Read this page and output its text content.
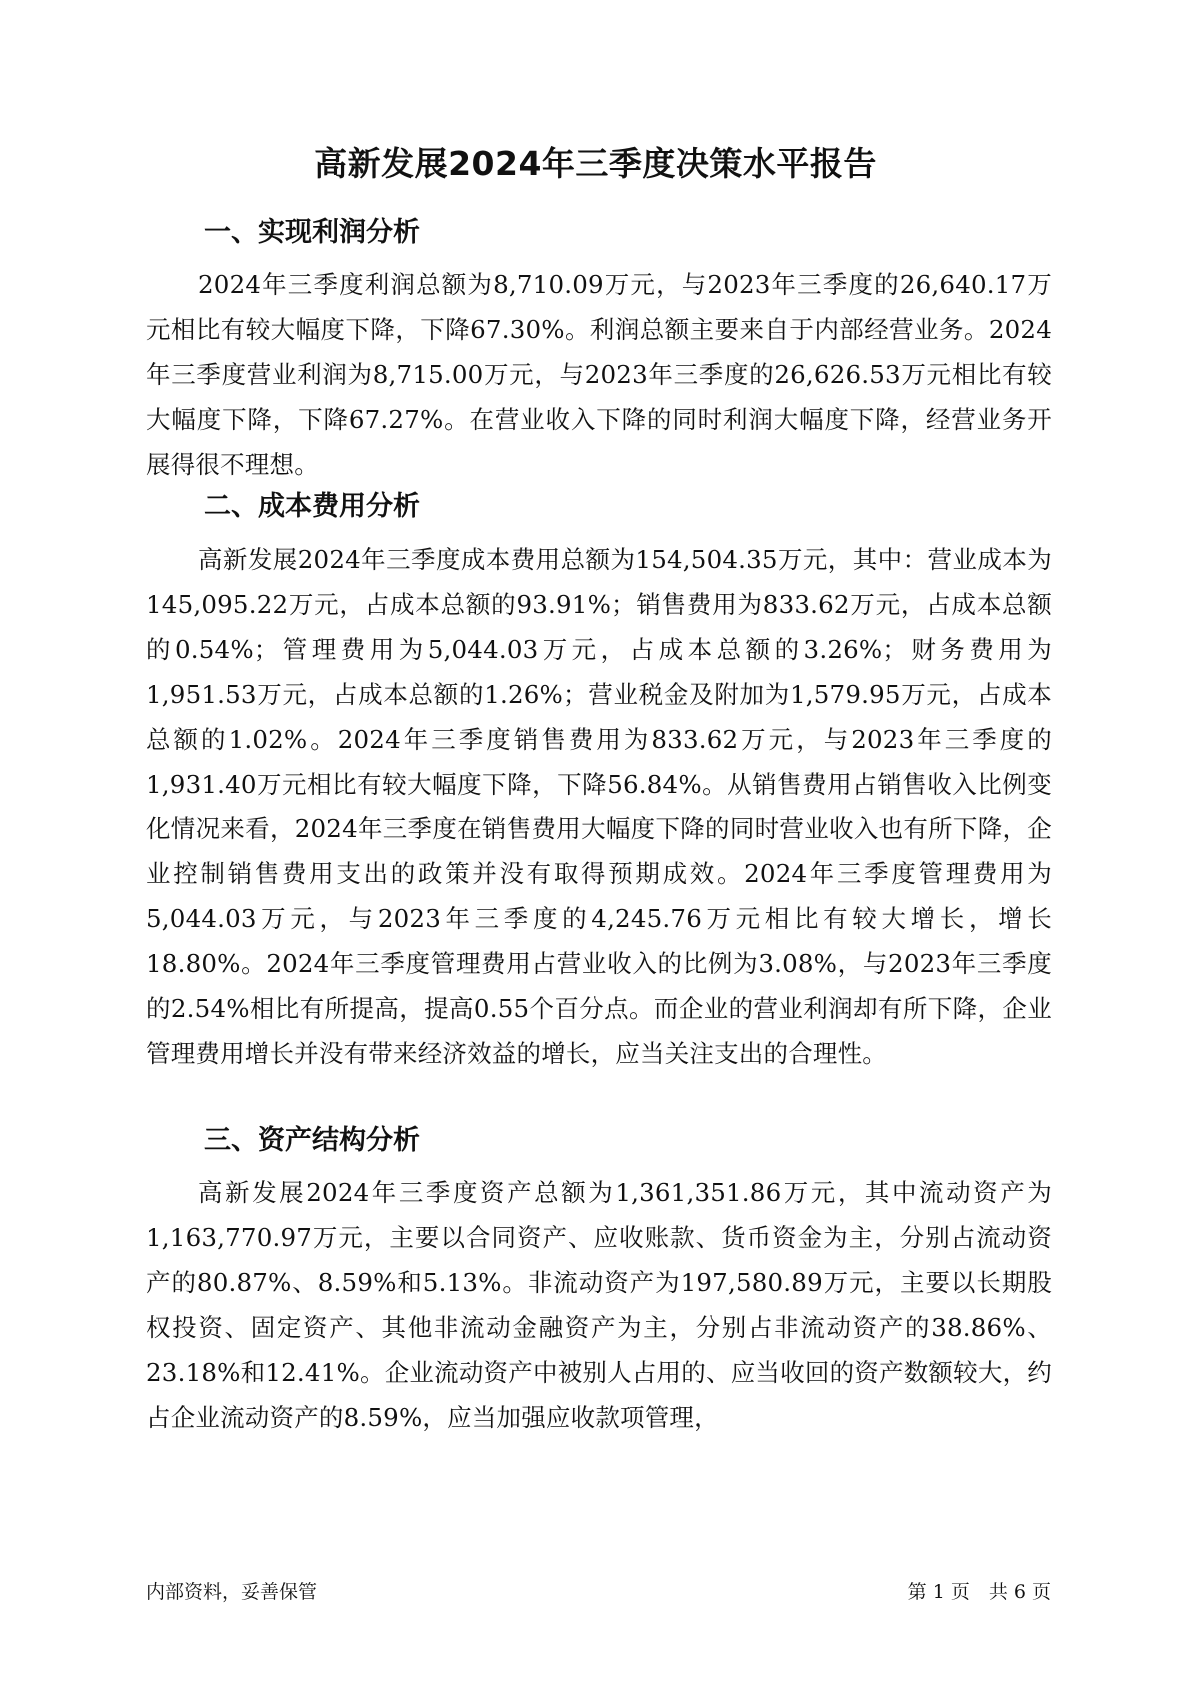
高新发展2024年三季度决策水平报告
一、实现利润分析

2024年三季度利润总额为8,710.09万元，与2023年三季度的26,640.17万元相比有较大幅度下降，下降67.30%。利润总额主要来自于内部经营业务。2024年三季度营业利润为8,715.00万元，与2023年三季度的26,626.53万元相比有较大幅度下降，下降67.27%。在营业收入下降的同时利润大幅度下降，经营业务开展得很不理想。

二、成本费用分析

高新发展2024年三季度成本费用总额为154,504.35万元，其中：营业成本为145,095.22万元，占成本总额的93.91%；销售费用为833.62万元，占成本总额的0.54%；管理费用为5,044.03万元，占成本总额的3.26%；财务费用为1,951.53万元，占成本总额的1.26%；营业税金及附加为1,579.95万元，占成本总额的1.02%。2024年三季度销售费用为833.62万元，与2023年三季度的1,931.40万元相比有较大幅度下降，下降56.84%。从销售费用占销售收入比例变化情况来看，2024年三季度在销售费用大幅度下降的同时营业收入也有所下降，企业控制销售费用支出的政策并没有取得预期成效。2024年三季度管理费用为5,044.03万元，与2023年三季度的4,245.76万元相比有较大增长，增长18.80%。2024年三季度管理费用占营业收入的比例为3.08%，与2023年三季度的2.54%相比有所提高，提高0.55个百分点。而企业的营业利润却有所下降，企业管理费用增长并没有带来经济效益的增长，应当关注支出的合理性。

三、资产结构分析

高新发展2024年三季度资产总额为1,361,351.86万元，其中流动资产为1,163,770.97万元，主要以合同资产、应收账款、货币资金为主，分别占流动资产的80.87%、8.59%和5.13%。非流动资产为197,580.89万元，主要以长期股权投资、固定资产、其他非流动金融资产为主，分别占非流动资产的38.86%、23.18%和12.41%。企业流动资产中被别人占用的、应当收回的资产数额较大，约占企业流动资产的8.59%，应当加强应收款项管理，

内部资料，妥善保管	第 1 页　共 6 页
